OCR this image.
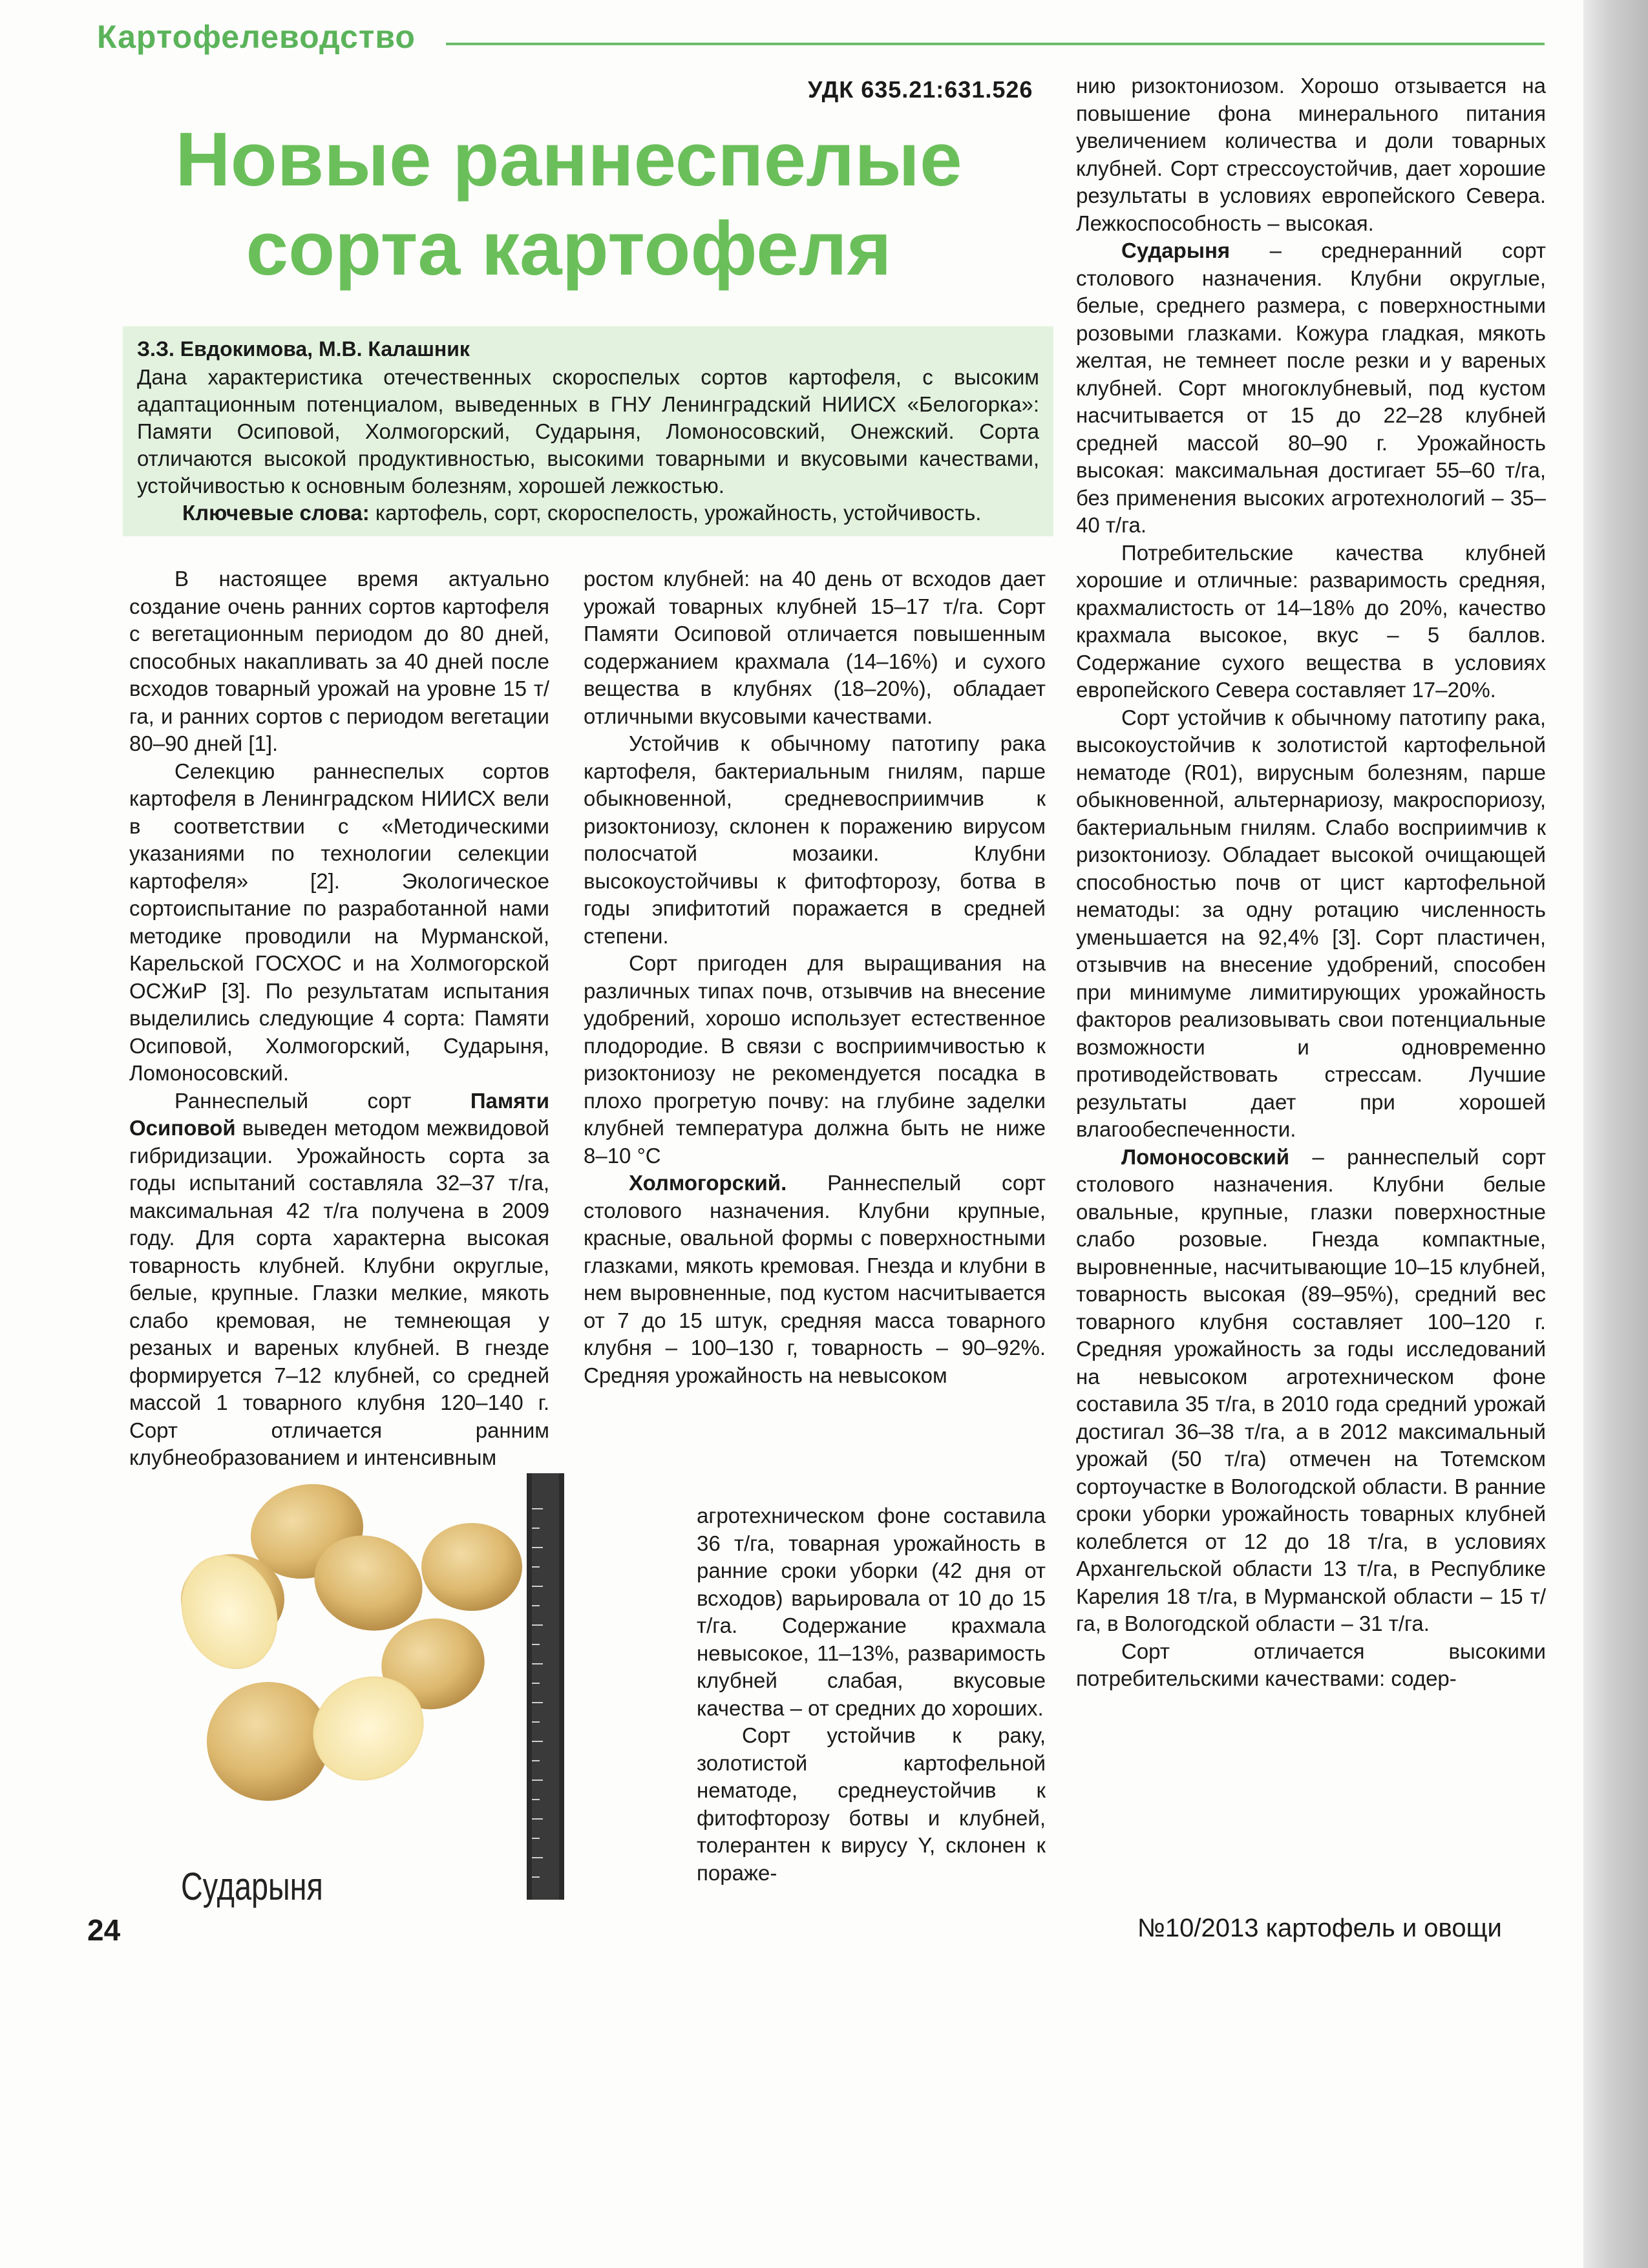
Картофелеводство
УДК 635.21:631.526
Новые раннеспелые
сорта картофеля
З.З. Евдокимова, М.В. Калашник
Дана характеристика отечественных скороспелых сортов картофеля, с высоким адаптационным потенциалом, выведенных в ГНУ Ленинградский НИИСХ «Белогорка»: Памяти Осиповой, Холмогорский, Сударыня, Ломоносовский, Онежский. Сорта отличаются высокой продуктивностью, высокими товарными и вкусовыми качествами, устойчивостью к основным болезням, хорошей лежкостью.
Ключевые слова: картофель, сорт, скороспелость, урожайность, устойчивость.

В настоящее время актуально создание очень ранних сортов картофеля с вегетационным периодом до 80 дней, способных накапливать за 40 дней после всходов товарный урожай на уровне 15 т/га, и ранних сортов с периодом вегетации 80–90 дней [1].

Селекцию раннеспелых сортов картофеля в Ленинградском НИИСХ вели в соответствии с «Методическими указаниями по технологии селекции картофеля» [2]. Экологическое сортоиспытание по разработанной нами методике проводили на Мурманской, Карельской ГОСХОС и на Холмогорской ОСЖиР [3]. По результатам испытания выделились следующие 4 сорта: Памяти Осиповой, Холмогорский, Сударыня, Ломоносовский.

Раннеспелый сорт Памяти Осиповой выведен методом межвидовой гибридизации. Урожайность сорта за годы испытаний составляла 32–37 т/га, максимальная 42 т/га получена в 2009 году. Для сорта характерна высокая товарность клубней. Клубни округлые, белые, крупные. Глазки мелкие, мякоть слабо кремовая, не темнеющая у резаных и вареных клубней. В гнезде формируется 7–12 клубней, со средней массой 1 товарного клубня 120–140 г. Сорт отличается ранним клубнеобразованием и интенсивным

ростом клубней: на 40 день от всходов дает урожай товарных клубней 15–17 т/га. Сорт Памяти Осиповой отличается повышенным содержанием крахмала (14–16%) и сухого вещества в клубнях (18–20%), обладает отличными вкусовыми качествами.

Устойчив к обычному патотипу рака картофеля, бактериальным гнилям, парше обыкновенной, средневосприимчив к ризоктониозу, склонен к поражению вирусом полосчатой мозаики. Клубни высокоустойчивы к фитофторозу, ботва в годы эпифитотий поражается в средней степени.

Сорт пригоден для выращивания на различных типах почв, отзывчив на внесение удобрений, хорошо использует естественное плодородие. В связи с восприимчивостью к ризоктониозу не рекомендуется посадка в плохо прогретую почву: на глубине заделки клубней температура должна быть не ниже 8–10 °С

Холмогорский. Раннеспелый сорт столового назначения. Клубни крупные, красные, овальной формы с поверхностными глазками, мякоть кремовая. Гнезда и клубни в нем выровненные, под кустом насчитывается от 7 до 15 штук, средняя масса товарного клубня – 100–130 г, товарность – 90–92%. Средняя урожайность на невысоком

агротехническом фоне составила 36 т/га, товарная урожайность в ранние сроки уборки (42 дня от всходов) варьировала от 10 до 15 т/га. Содержание крахмала невысокое, 11–13%, разваримость клубней слабая, вкусовые качества – от средних до хороших.

Сорт устойчив к раку, золотистой картофельной нематоде, среднеустойчив к фитофторозу ботвы и клубней, толерантен к вирусу Y, склонен к пораже-

нию ризоктониозом. Хорошо отзывается на повышение фона минерального питания увеличением количества и доли товарных клубней. Сорт стрессоустойчив, дает хорошие результаты в условиях европейского Севера. Лежкоспособность – высокая.

Сударыня – среднеранний сорт столового назначения. Клубни округлые, белые, среднего размера, с поверхностными розовыми глазками. Кожура гладкая, мякоть желтая, не темнеет после резки и у вареных клубней. Сорт многоклубневый, под кустом насчитывается от 15 до 22–28 клубней средней массой 80–90 г. Урожайность высокая: максимальная достигает 55–60 т/га, без применения высоких агротехнологий – 35–40 т/га.

Потребительские качества клубней хорошие и отличные: разваримость средняя, крахмалистость от 14–18% до 20%, качество крахмала высокое, вкус – 5 баллов. Содержание сухого вещества в условиях европейского Севера составляет 17–20%.

Сорт устойчив к обычному патотипу рака, высокоустойчив к золотистой картофельной нематоде (R01), вирусным болезням, парше обыкновенной, альтернариозу, макроспориозу, бактериальным гнилям. Слабо восприимчив к ризоктониозу. Обладает высокой очищающей способностью почв от цист картофельной нематоды: за одну ротацию численность уменьшается на 92,4% [3]. Сорт пластичен, отзывчив на внесение удобрений, способен при минимуме лимитирующих урожайность факторов реализовывать свои потенциальные возможности и одновременно противодействовать стрессам. Лучшие результаты дает при хорошей влагообеспеченности.

Ломоносовский – раннеспелый сорт столового назначения. Клубни белые овальные, крупные, глазки поверхностные слабо розовые. Гнезда компактные, выровненные, насчитывающие 10–15 клубней, товарность высокая (89–95%), средний вес товарного клубня составляет 100–120 г. Средняя урожайность за годы исследований на невысоком агротехническом фоне составила 35 т/га, в 2010 года средний урожай достигал 36–38 т/га, а в 2012 максимальный урожай (50 т/га) отмечен на Тотемском сортоучастке в Вологодской области. В ранние сроки уборки урожайность товарных клубней колеблется от 12 до 18 т/га, в условиях Архангельской области 13 т/га, в Республике Карелия 18 т/га, в Мурманской области – 15 т/га, в Вологодской области – 31 т/га.

Сорт отличается высокими потребительскими качествами: содер-

Сударыня
24	№10/2013 картофель и овощи
